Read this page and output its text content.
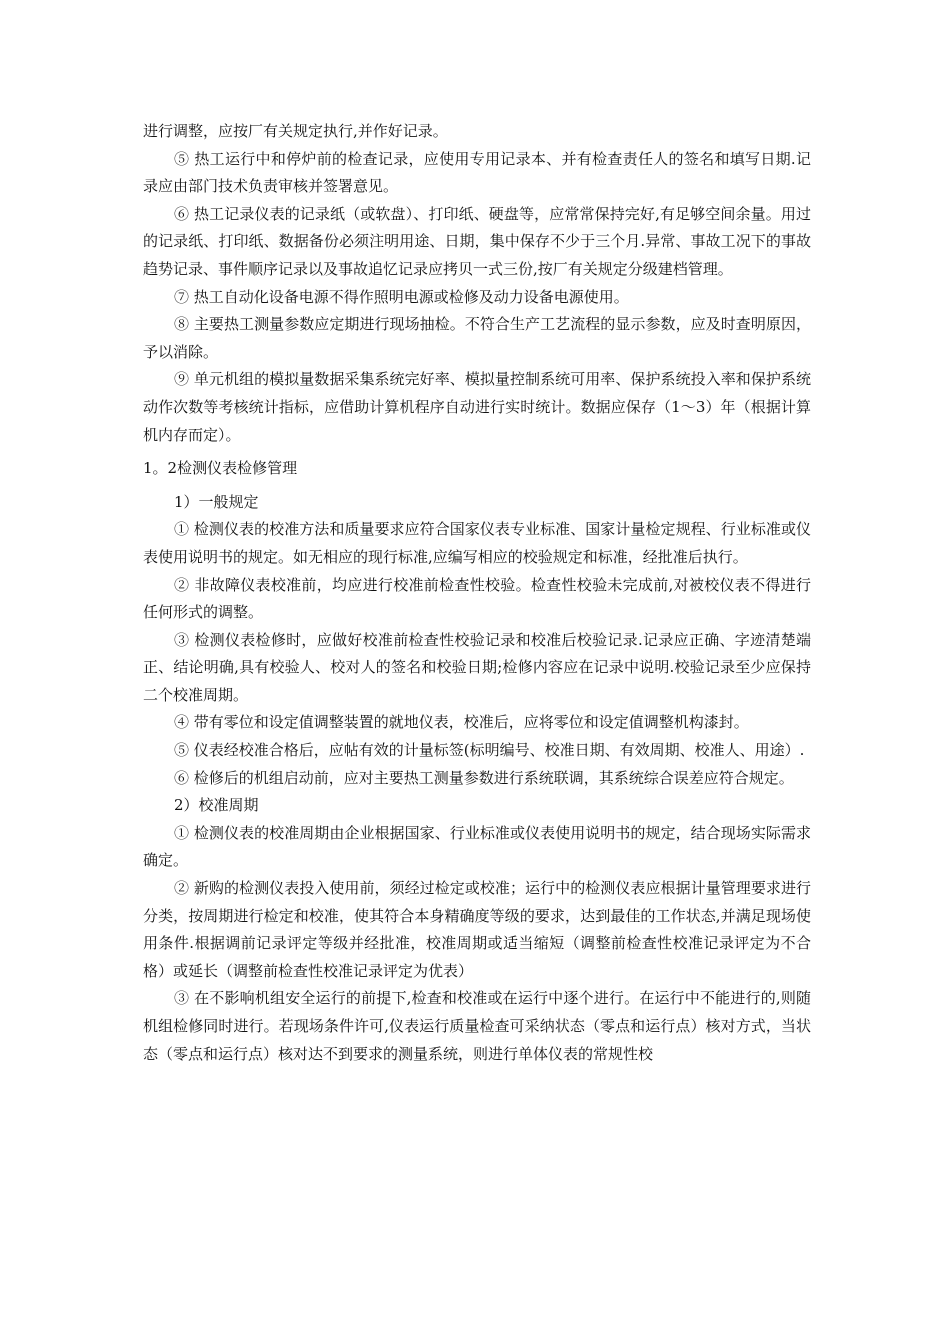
进行调整，应按厂有关规定执行,并作好记录。

⑤ 热工运行中和停炉前的检查记录，应使用专用记录本、并有检查责任人的签名和填写日期.记录应由部门技术负责审核并签署意见。

⑥ 热工记录仪表的记录纸（或软盘）、打印纸、硬盘等，应常常保持完好,有足够空间余量。用过的记录纸、打印纸、数据备份必须注明用途、日期，集中保存不少于三个月.异常、事故工况下的事故趋势记录、事件顺序记录以及事故追忆记录应拷贝一式三份,按厂有关规定分级建档管理。

⑦ 热工自动化设备电源不得作照明电源或检修及动力设备电源使用。

⑧ 主要热工测量参数应定期进行现场抽检。不符合生产工艺流程的显示参数，应及时查明原因，予以消除。

⑨ 单元机组的模拟量数据采集系统完好率、模拟量控制系统可用率、保护系统投入率和保护系统动作次数等考核统计指标，应借助计算机程序自动进行实时统计。数据应保存（1～3）年（根据计算机内存而定）。

1。2检测仪表检修管理

1）一般规定

① 检测仪表的校准方法和质量要求应符合国家仪表专业标准、国家计量检定规程、行业标准或仪表使用说明书的规定。如无相应的现行标准,应编写相应的校验规定和标准，经批准后执行。

② 非故障仪表校准前，均应进行校准前检查性校验。检查性校验未完成前,对被校仪表不得进行任何形式的调整。

③ 检测仪表检修时，应做好校准前检查性校验记录和校准后校验记录.记录应正确、字迹清楚端正、结论明确,具有校验人、校对人的签名和校验日期;检修内容应在记录中说明.校验记录至少应保持二个校准周期。

④ 带有零位和设定值调整装置的就地仪表，校准后，应将零位和设定值调整机构漆封。

⑤ 仪表经校准合格后，应帖有效的计量标签(标明编号、校准日期、有效周期、校准人、用途）.

⑥ 检修后的机组启动前，应对主要热工测量参数进行系统联调，其系统综合误差应符合规定。

2）校准周期

① 检测仪表的校准周期由企业根据国家、行业标准或仪表使用说明书的规定，结合现场实际需求确定。

② 新购的检测仪表投入使用前，须经过检定或校准；运行中的检测仪表应根据计量管理要求进行分类，按周期进行检定和校准，使其符合本身精确度等级的要求，达到最佳的工作状态,并满足现场使用条件.根据调前记录评定等级并经批准，校准周期或适当缩短（调整前检查性校准记录评定为不合格）或延长（调整前检查性校准记录评定为优表）

③ 在不影响机组安全运行的前提下,检查和校准或在运行中逐个进行。在运行中不能进行的,则随机组检修同时进行。若现场条件许可,仪表运行质量检查可采纳状态（零点和运行点）核对方式，当状态（零点和运行点）核对达不到要求的测量系统，则进行单体仪表的常规性校
